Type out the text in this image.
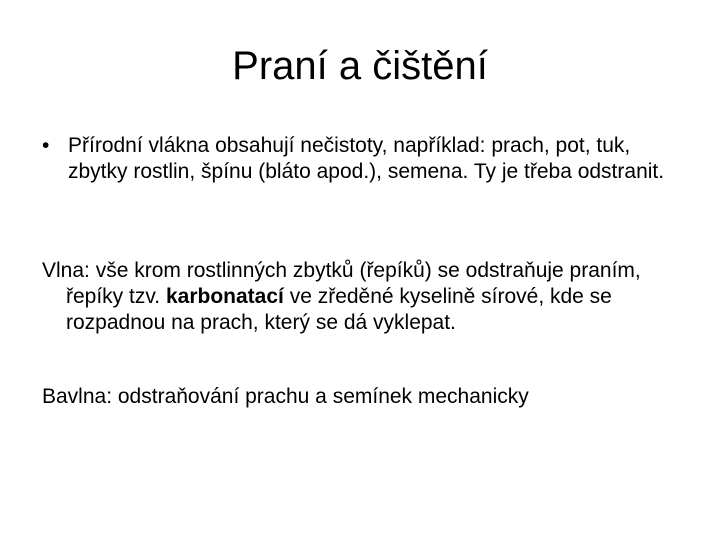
Praní a čištění
• Přírodní vlákna obsahují nečistoty, například: prach, pot, tuk, zbytky rostlin, špínu (bláto apod.), semena. Ty je třeba odstranit.
Vlna: vše krom rostlinných zbytků (řepíků) se odstraňuje praním, řepíky tzv. karbonatací ve zředěné kyselině sírové, kde se rozpadnou na prach, který se dá vyklepat.
Bavlna: odstraňování prachu a semínek mechanicky
